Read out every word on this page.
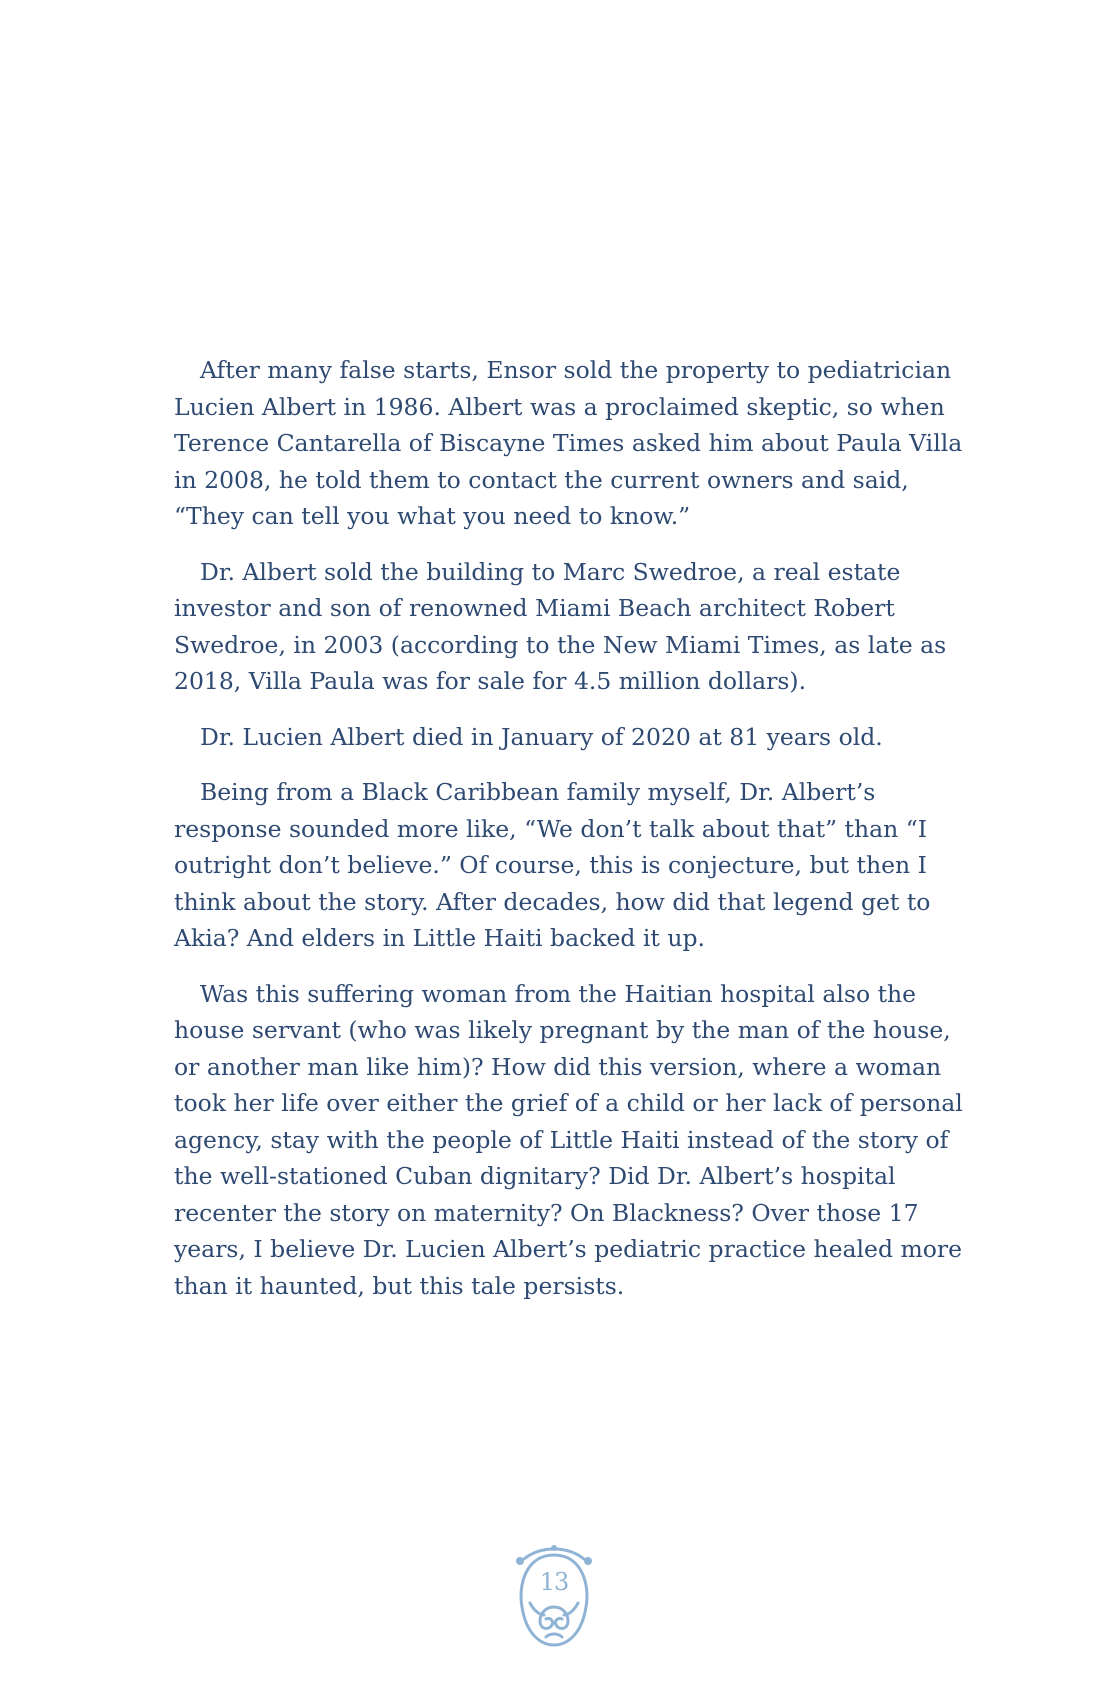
After many false starts, Ensor sold the property to pediatrician Lucien Albert in 1986. Albert was a proclaimed skeptic, so when Terence Cantarella of Biscayne Times asked him about Paula Villa in 2008, he told them to contact the current owners and said, “They can tell you what you need to know.”

Dr. Albert sold the building to Marc Swedroe, a real estate investor and son of renowned Miami Beach architect Robert Swedroe, in 2003 (according to the New Miami Times, as late as 2018, Villa Paula was for sale for 4.5 million dollars).

Dr. Lucien Albert died in January of 2020 at 81 years old.

Being from a Black Caribbean family myself, Dr. Albert’s response sounded more like, “We don’t talk about that” than “I outright don’t believe.” Of course, this is conjecture, but then I think about the story. After decades, how did that legend get to Akia? And elders in Little Haiti backed it up.

Was this suffering woman from the Haitian hospital also the house servant (who was likely pregnant by the man of the house, or another man like him)? How did this version, where a woman took her life over either the grief of a child or her lack of personal agency, stay with the people of Little Haiti instead of the story of the well-stationed Cuban dignitary? Did Dr. Albert’s hospital recenter the story on maternity? On Blackness? Over those 17 years, I believe Dr. Lucien Albert’s pediatric practice healed more than it haunted, but this tale persists.

13
